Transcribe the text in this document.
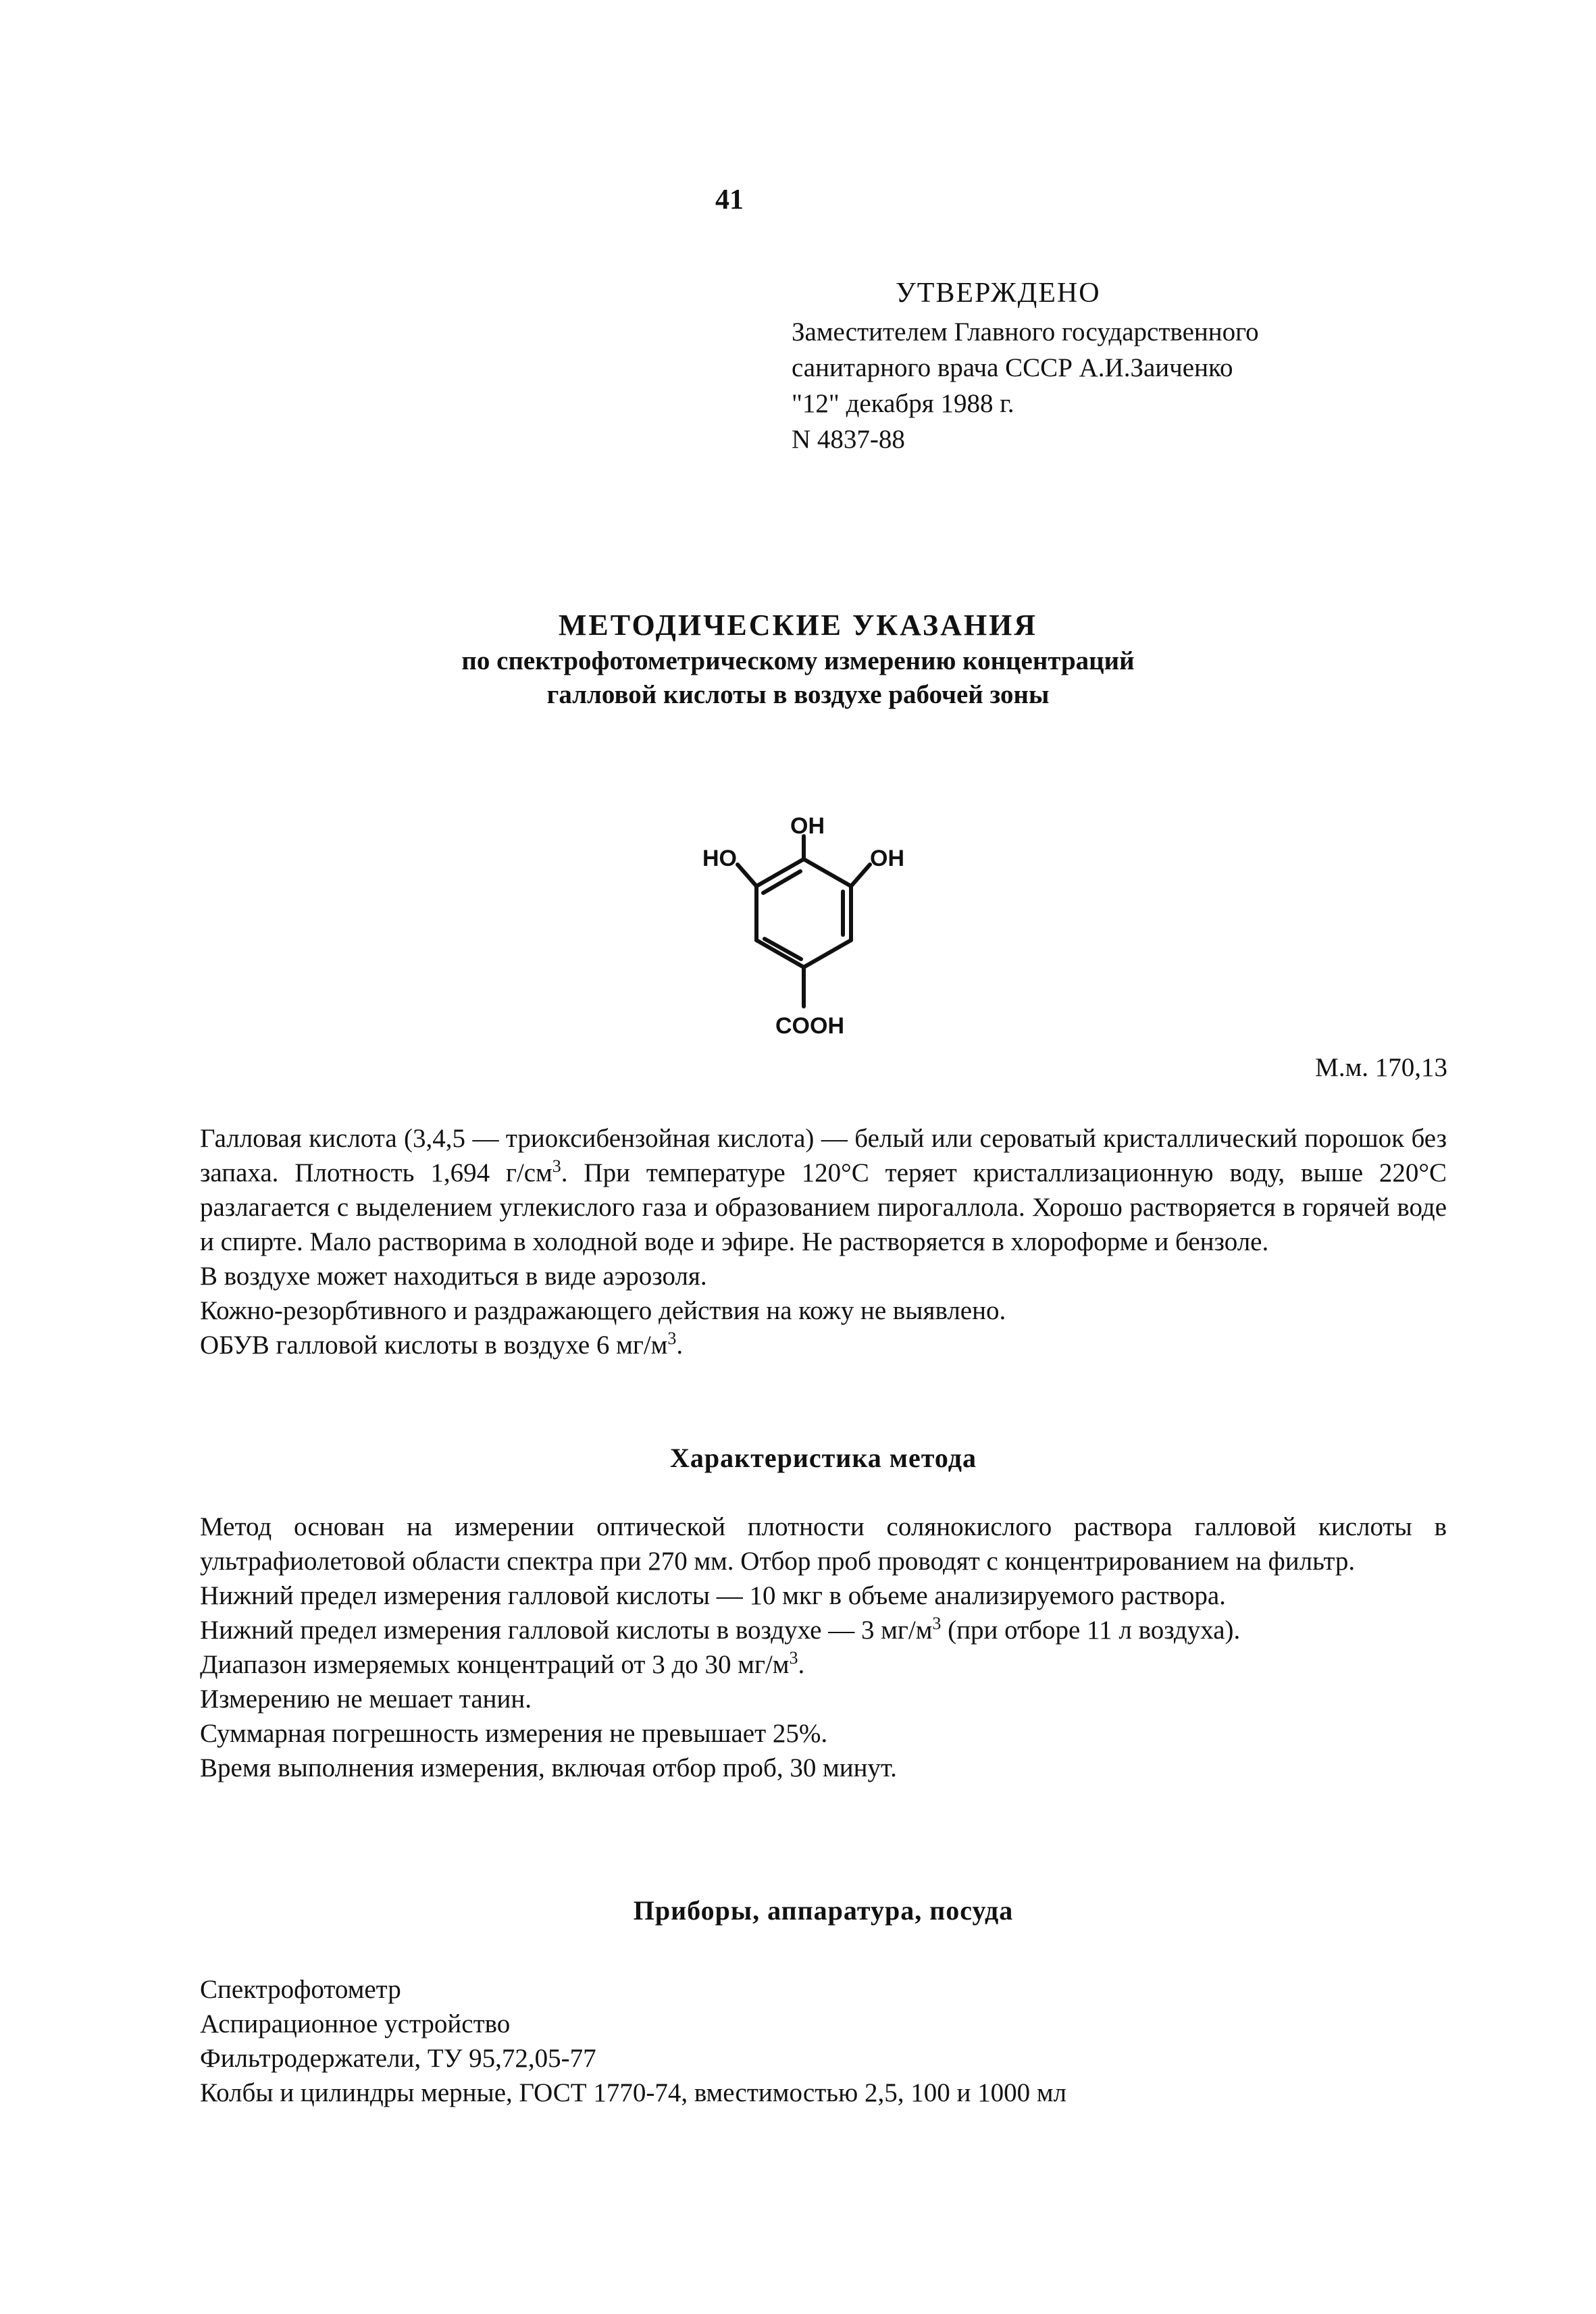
41
УТВЕРЖДЕНО
Заместителем Главного государственного
санитарного врача СССР А.И.Заиченко
"12" декабря 1988 г.
N 4837-88
МЕТОДИЧЕСКИЕ УКАЗАНИЯ
по спектрофотометрическому измерению концентраций
галловой кислоты в воздухе рабочей зоны
OH
HO	OH
COOH
М.м. 170,13

Галловая кислота (3,4,5 — триоксибензойная кислота) — белый или сероватый кристаллический порошок без запаха. Плотность 1,694 $г/см^3$. При температуре 120°C теряет кристаллизационную воду, выше 220°C разлагается с выделением углекислого газа и образованием пирогаллола. Хорошо растворяется в горячей воде и спирте. Мало растворима в холодной воде и эфире. Не растворяется в хлороформе и бензоле.

В воздухе может находиться в виде аэрозоля.

Кожно-резорбтивного и раздражающего действия на кожу не выявлено.

ОБУВ галловой кислоты в воздухе 6 $мг/м^3$.

Характеристика метода

Метод основан на измерении оптической плотности солянокислого раствора галловой кислоты в ультрафиолетовой области спектра при 270 мм. Отбор проб проводят с концентрированием на фильтр.

Нижний предел измерения галловой кислоты — 10 мкг в объеме анализируемого раствора.

Нижний предел измерения галловой кислоты в воздухе — 3 $мг/м^3$ (при отборе 11 л воздуха).

Диапазон измеряемых концентраций от 3 до 30 $мг/м^3$.

Измерению не мешает танин.

Суммарная погрешность измерения не превышает 25%.

Время выполнения измерения, включая отбор проб, 30 минут.

Приборы, аппаратура, посуда
Спектрофотометр
Аспирационное устройство
Фильтродержатели, ТУ 95,72,05-77
Колбы и цилиндры мерные, ГОСТ 1770-74, вместимостью 2,5, 100 и 1000 мл
